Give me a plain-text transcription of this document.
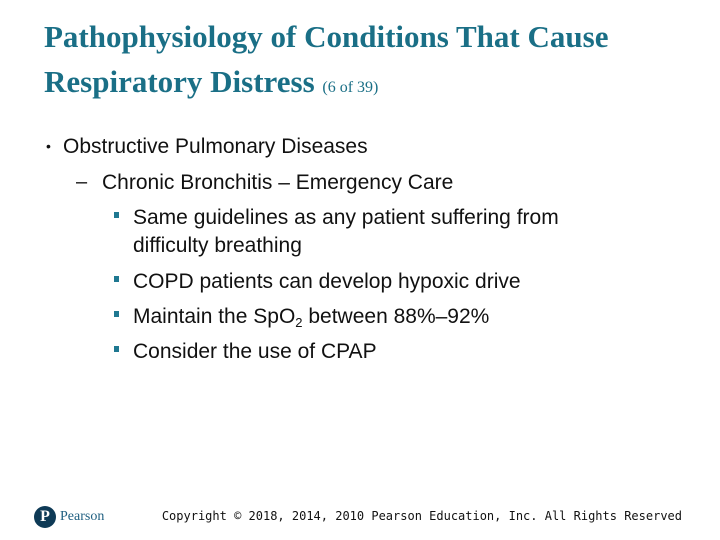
Pathophysiology of Conditions That Cause
Respiratory Distress (6 of 39)
• Obstructive Pulmonary Diseases
– Chronic Bronchitis – Emergency Care
Same guidelines as any patient suffering from
difficulty breathing
COPD patients can develop hypoxic drive
Maintain the SpO$_2$ between 88%–92%
Consider the use of CPAP
P Pearson	Copyright © 2018, 2014, 2010 Pearson Education, Inc. All Rights Reserved
